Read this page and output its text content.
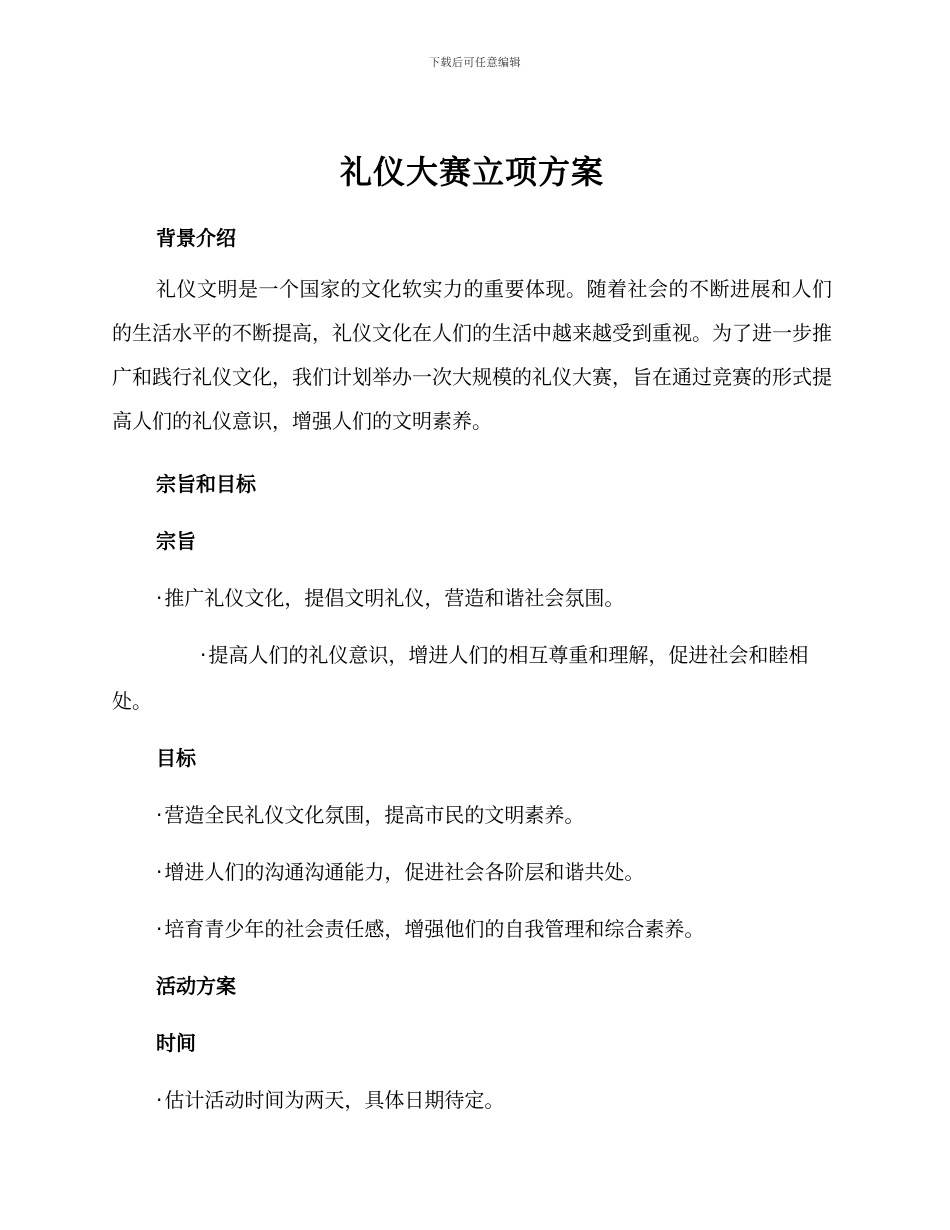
下载后可任意编辑
礼仪大赛立项方案
背景介绍

礼仪文明是一个国家的文化软实力的重要体现。随着社会的不断进展和人们的生活水平的不断提高，礼仪文化在人们的生活中越来越受到重视。为了进一步推广和践行礼仪文化，我们计划举办一次大规模的礼仪大赛，旨在通过竞赛的形式提高人们的礼仪意识，增强人们的文明素养。

宗旨和目标
宗旨

· 推广礼仪文化，提倡文明礼仪，营造和谐社会氛围。

· 提高人们的礼仪意识，增进人们的相互尊重和理解，促进社会和睦相处。

目标

· 营造全民礼仪文化氛围，提高市民的文明素养。

· 增进人们的沟通沟通能力，促进社会各阶层和谐共处。

· 培育青少年的社会责任感，增强他们的自我管理和综合素养。

活动方案
时间

· 估计活动时间为两天，具体日期待定。
